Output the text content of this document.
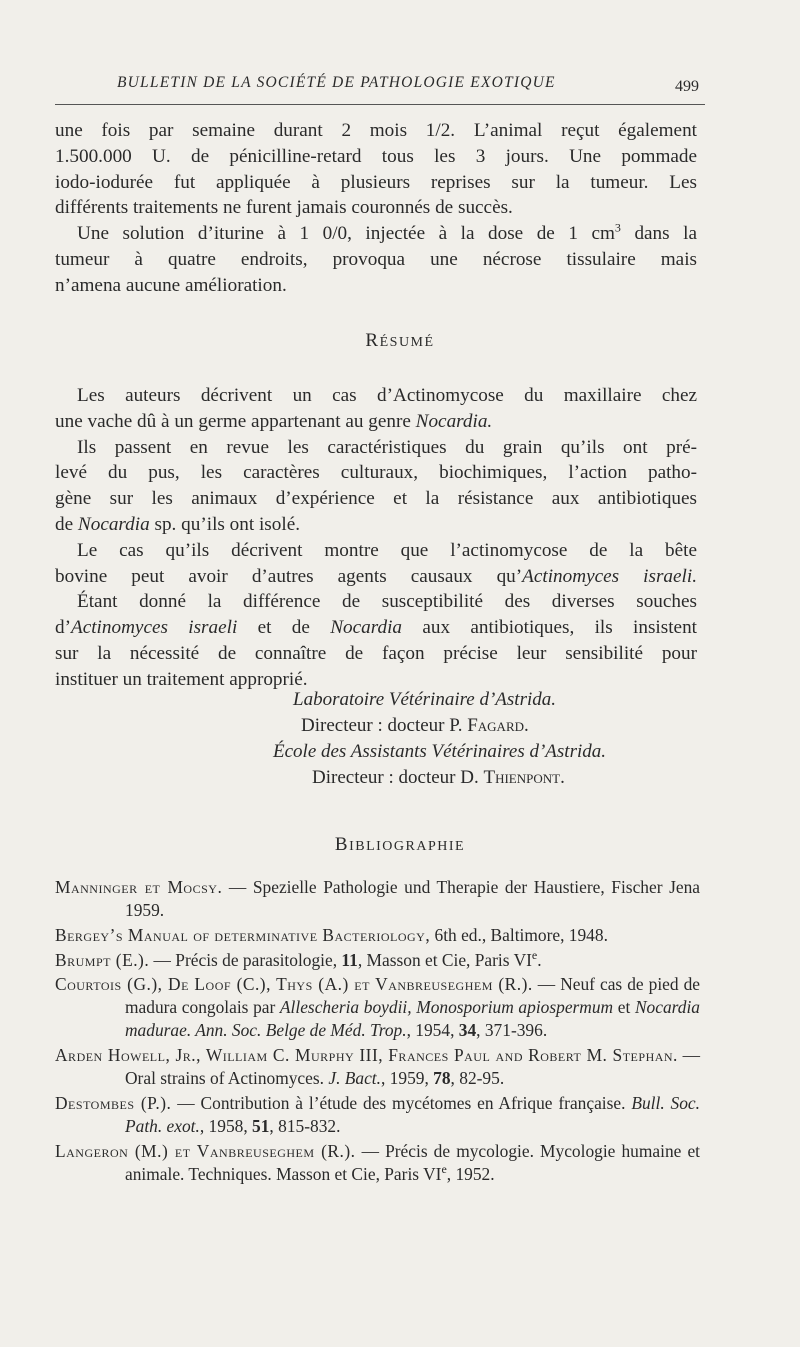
BULLETIN DE LA SOCIÉTÉ DE PATHOLOGIE EXOTIQUE	499

une fois par semaine durant 2 mois 1/2. L’animal reçut également

1.500.000 U. de pénicilline-retard tous les 3 jours. Une pommade

iodo-iodurée fut appliquée à plusieurs reprises sur la tumeur. Les

différents traitements ne furent jamais couronnés de succès.

Une solution d’iturine à 1 0/0, injectée à la dose de 1 $cm^3$ dans la

tumeur à quatre endroits, provoqua une nécrose tissulaire mais

n’amena aucune amélioration.

RÉSUMÉ

Les auteurs décrivent un cas d’Actinomycose du maxillaire chez

une vache dû à un germe appartenant au genre Nocardia.

Ils passent en revue les caractéristiques du grain qu’ils ont pré-

levé du pus, les caractères culturaux, biochimiques, l’action patho-

gène sur les animaux d’expérience et la résistance aux antibiotiques

de Nocardia sp. qu’ils ont isolé.

Le cas qu’ils décrivent montre que l’actinomycose de la bête

bovine peut avoir d’autres agents causaux qu’Actinomyces israeli.

Étant donné la différence de susceptibilité des diverses souches

d’Actinomyces israeli et de Nocardia aux antibiotiques, ils insistent

sur la nécessité de connaître de façon précise leur sensibilité pour

instituer un traitement approprié.

Laboratoire Vétérinaire d’Astrida.
Directeur : docteur P. Fagard.
École des Assistants Vétérinaires d’Astrida.
Directeur : docteur D. Thienpont.
BIBLIOGRAPHIE
Manninger et Mocsy. — Spezielle Pathologie und Therapie der Haustiere, Fischer Jena 1959.
Bergey’s Manual of determinative Bacteriology, 6th ed., Baltimore, 1948.
Brumpt (E.). — Précis de parasitologie, 11, Masson et Cie, Paris VIe.
Courtois (G.), De Loof (C.), Thys (A.) et Vanbreuseghem (R.). — Neuf cas de pied de madura congolais par Allescheria boydii, Monosporium apiospermum et Nocardia madurae. Ann. Soc. Belge de Méd. Trop., 1954, 34, 371-396.
Arden Howell, Jr., William C. Murphy III, Frances Paul and Robert M. Stephan. — Oral strains of Actinomyces. J. Bact., 1959, 78, 82-95.
Destombes (P.). — Contribution à l’étude des mycétomes en Afrique française. Bull. Soc. Path. exot., 1958, 51, 815-832.
Langeron (M.) et Vanbreuseghem (R.). — Précis de mycologie. Mycologie humaine et animale. Techniques. Masson et Cie, Paris VIe, 1952.
